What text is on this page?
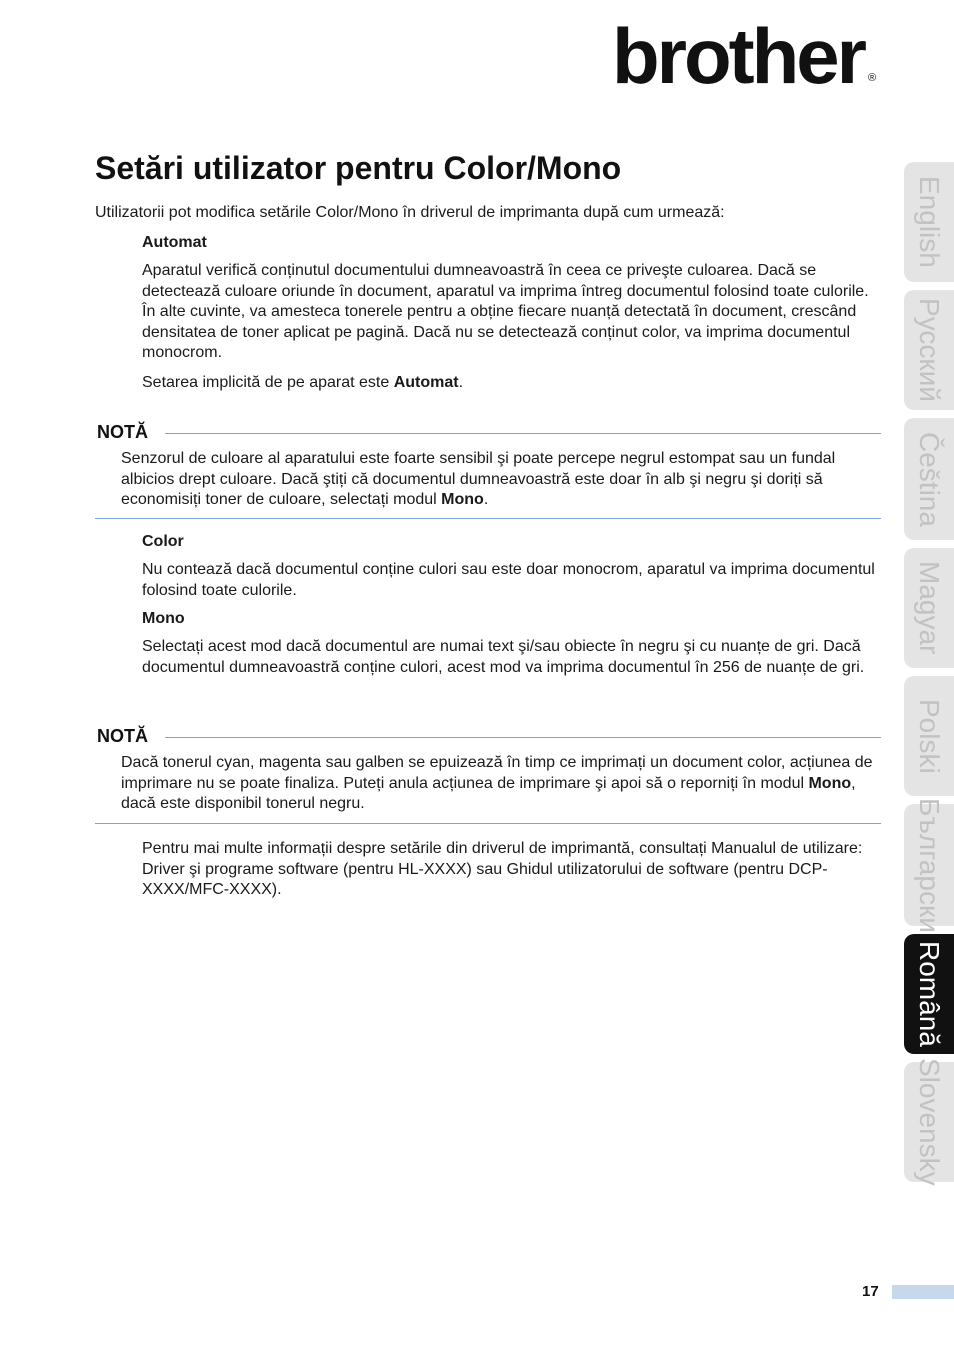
brother ®
Setări utilizator pentru Color/Mono

Utilizatorii pot modifica setările Color/Mono în driverul de imprimanta după cum urmează:

Automat

Aparatul verifică conținutul documentului dumneavoastră în ceea ce priveşte culoarea. Dacă se detectează culoare oriunde în document, aparatul va imprima întreg documentul folosind toate culorile. În alte cuvinte, va amesteca tonerele pentru a obține fiecare nuanță detectată în document, crescând densitatea de toner aplicat pe pagină. Dacă nu se detectează conținut color, va imprima documentul monocrom.

Setarea implicită de pe aparat este Automat.

NOTĂ

Senzorul de culoare al aparatului este foarte sensibil şi poate percepe negrul estompat sau un fundal albicios drept culoare. Dacă ştiți că documentul dumneavoastră este doar în alb şi negru şi doriți să economisiți toner de culoare, selectați modul Mono.

Color

Nu contează dacă documentul conține culori sau este doar monocrom, aparatul va imprima documentul folosind toate culorile.

Mono

Selectați acest mod dacă documentul are numai text şi/sau obiecte în negru şi cu nuanțe de gri. Dacă documentul dumneavoastră conține culori, acest mod va imprima documentul în 256 de nuanțe de gri.

NOTĂ

Dacă tonerul cyan, magenta sau galben se epuizează în timp ce imprimați un document color, acțiunea de imprimare nu se poate finaliza. Puteți anula acțiunea de imprimare şi apoi să o reporniți în modul Mono, dacă este disponibil tonerul negru.

Pentru mai multe informații despre setările din driverul de imprimantă, consultați Manualul de utilizare: Driver şi programe software (pentru HL-XXXX) sau Ghidul utilizatorului de software (pentru DCP-XXXX/MFC-XXXX).

English
Русский
Čeština
Magyar
Polski
Български
Română
Slovensky
17
